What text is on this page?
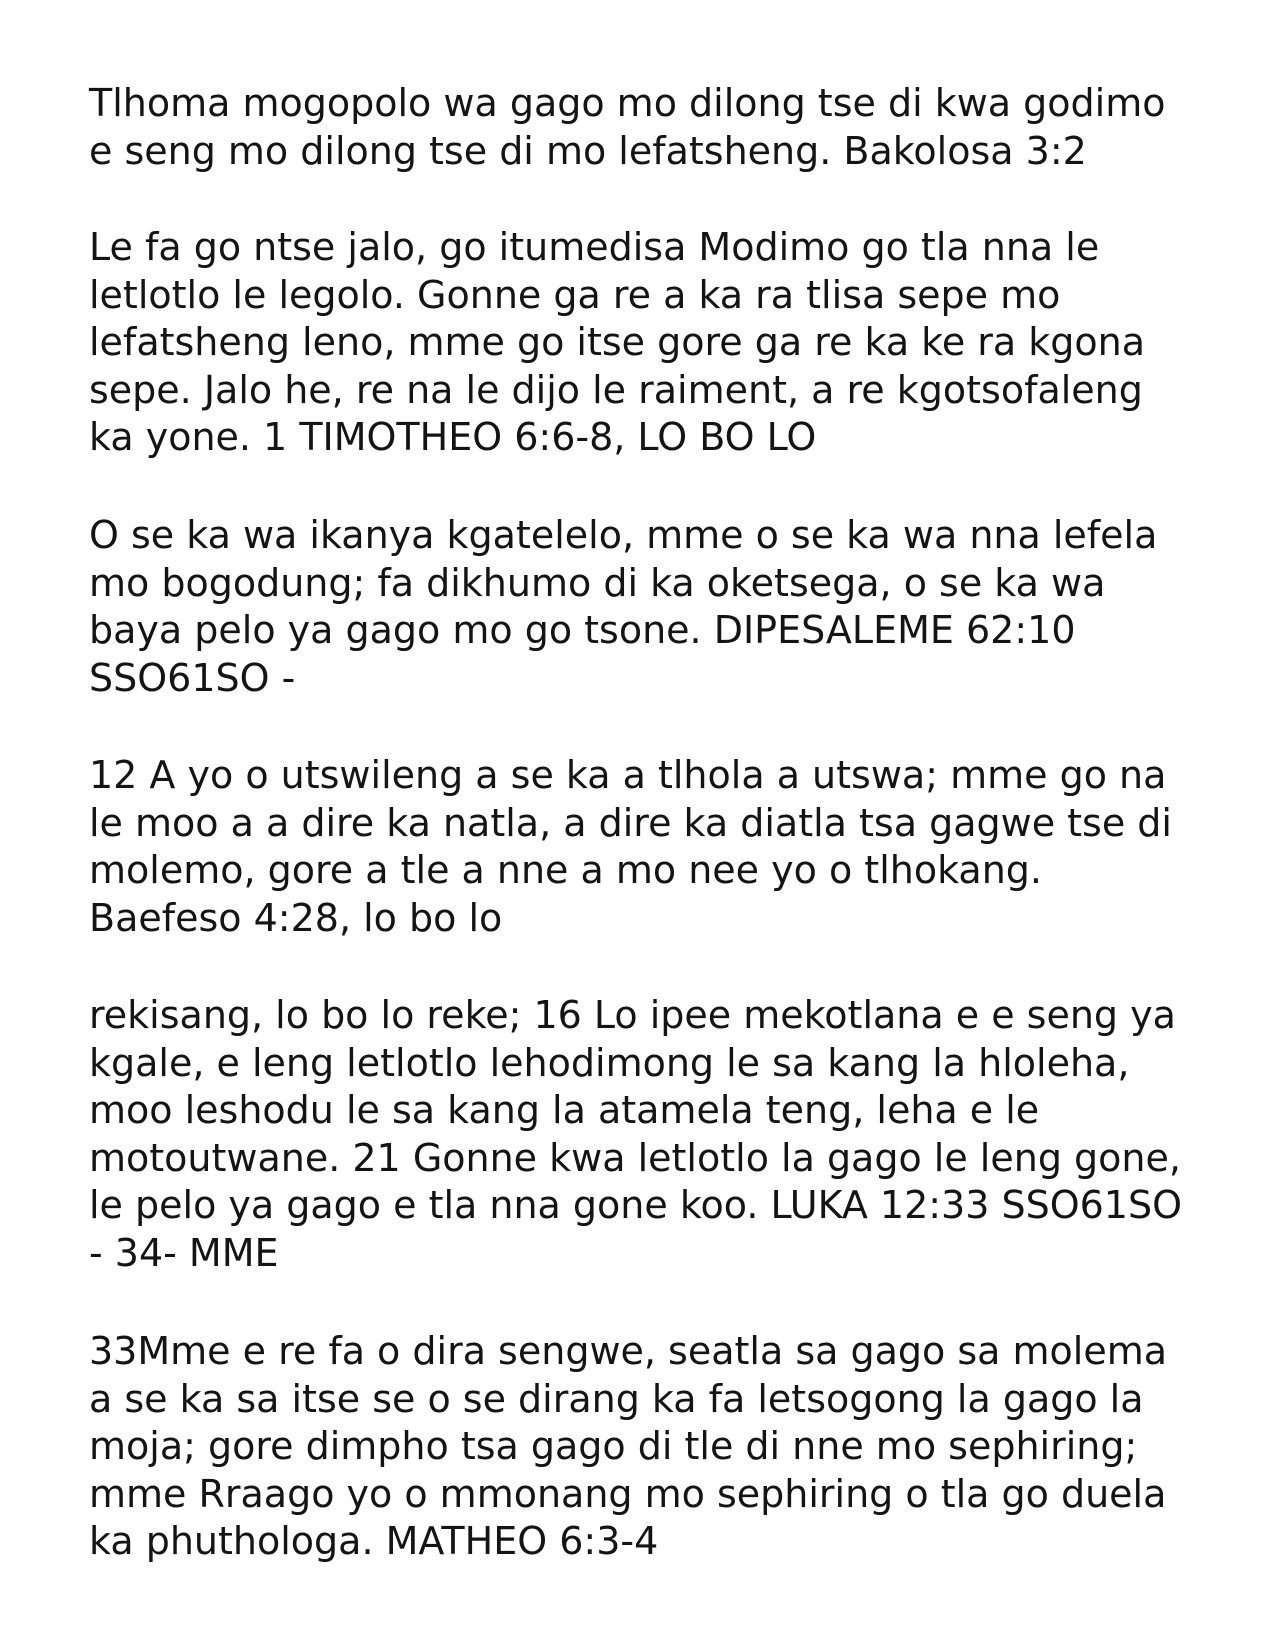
Tlhoma mogopolo wa gago mo dilong tse di kwa godimo
e seng mo dilong tse di mo lefatsheng. Bakolosa 3:2
Le fa go ntse jalo, go itumedisa Modimo go tla nna le
letlotlo le legolo. Gonne ga re a ka ra tlisa sepe mo
lefatsheng leno, mme go itse gore ga re ka ke ra kgona
sepe. Jalo he, re na le dijo le raiment, a re kgotsofaleng
ka yone. 1 TIMOTHEO 6:6-8, LO BO LO
O se ka wa ikanya kgatelelo, mme o se ka wa nna lefela
mo bogodung; fa dikhumo di ka oketsega, o se ka wa
baya pelo ya gago mo go tsone. DIPESALEME 62:10
SSO61SO -
12 A yo o utswileng a se ka a tlhola a utswa; mme go na
le moo a a dire ka natla, a dire ka diatla tsa gagwe tse di
molemo, gore a tle a nne a mo nee yo o tlhokang.
Baefeso 4:28, lo bo lo
rekisang, lo bo lo reke; 16 Lo ipee mekotlana e e seng ya
kgale, e leng letlotlo lehodimong le sa kang la hloleha,
moo leshodu le sa kang la atamela teng, leha e le
motoutwane. 21 Gonne kwa letlotlo la gago le leng gone,
le pelo ya gago e tla nna gone koo. LUKA 12:33 SSO61SO
- 34- MME
33Mme e re fa o dira sengwe, seatla sa gago sa molema
a se ka sa itse se o se dirang ka fa letsogong la gago la
moja; gore dimpho tsa gago di tle di nne mo sephiring;
mme Rraago yo o mmonang mo sephiring o tla go duela
ka phuthologa. MATHEO 6:3-4
